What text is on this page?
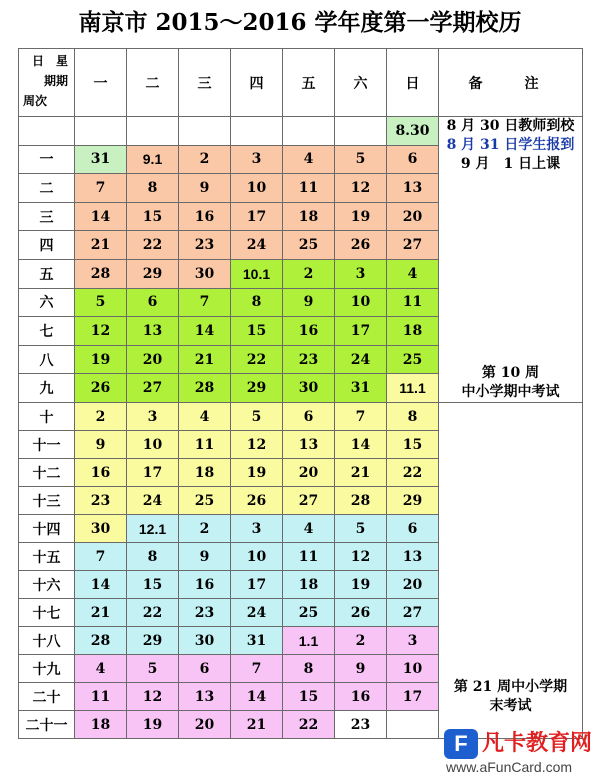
南京市 2015～2016 学年度第一学期校历
日　星
期期
周次	一	二	三	四	五	六	日	备　注
							8.30	8 月 30 日教师到校
8 月 31 日学生报到
9 月　1 日上课
第 10 周
中小学期中考试

一	31	9.1	2	3	4	5	6	
二	7	8	9	10	11	12	13	
三	14	15	16	17	18	19	20	
四	21	22	23	24	25	26	27	
五	28	29	30	10.1	2	3	4	
六	5	6	7	8	9	10	11	
七	12	13	14	15	16	17	18	
八	19	20	21	22	23	24	25	
九	26	27	28	29	30	31	11.1	
十	2	3	4	5	6	7	8	第 21 周中小学期
末考试

十一	9	10	11	12	13	14	15	
十二	16	17	18	19	20	21	22	
十三	23	24	25	26	27	28	29	
十四	30	12.1	2	3	4	5	6	
十五	7	8	9	10	11	12	13	
十六	14	15	16	17	18	19	20	
十七	21	22	23	24	25	26	27	
十八	28	29	30	31	1.1	2	3	
十九	4	5	6	7	8	9	10	
二十	11	12	13	14	15	16	17	
二十一	18	19	20	21	22	23		
F 凡卡教育网
www.aFunCard.com
